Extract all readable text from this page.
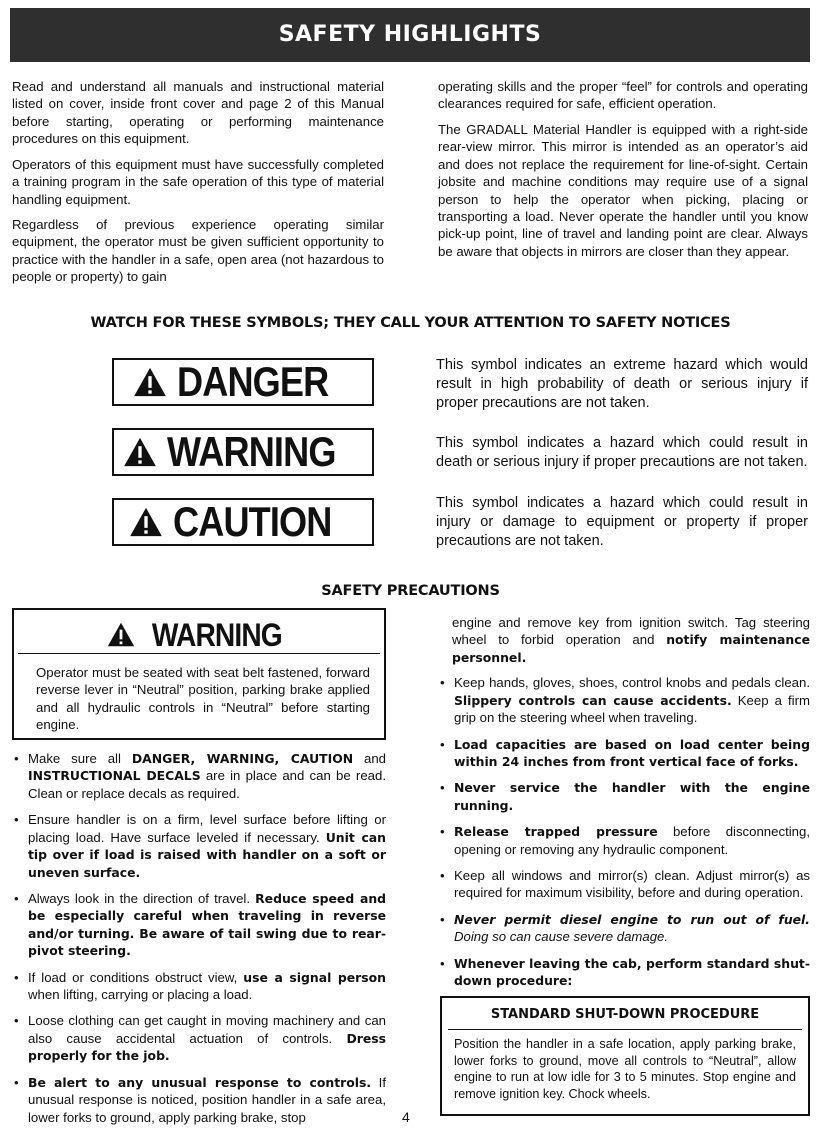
SAFETY HIGHLIGHTS

Read and understand all manuals and instructional material listed on cover, inside front cover and page 2 of this Manual before starting, operating or performing maintenance procedures on this equipment.

Operators of this equipment must have successfully completed a training program in the safe operation of this type of material handling equipment.

Regardless of previous experience operating similar equipment, the operator must be given sufficient opportunity to practice with the handler in a safe, open area (not hazardous to people or property) to gain

operating skills and the proper “feel” for controls and operating clearances required for safe, efficient operation.

The GRADALL Material Handler is equipped with a right-side rear-view mirror. This mirror is intended as an operator’s aid and does not replace the requirement for line-of-sight. Certain jobsite and machine conditions may require use of a signal person to help the operator when picking, placing or transporting a load. Never operate the handler until you know pick-up point, line of travel and landing point are clear. Always be aware that objects in mirrors are closer than they appear.

WATCH FOR THESE SYMBOLS; THEY CALL YOUR ATTENTION TO SAFETY NOTICES
DANGER	This symbol indicates an extreme hazard which would result in high probability of death or serious injury if proper precautions are not taken.
WARNING	This symbol indicates a hazard which could result in death or serious injury if proper precautions are not taken.
CAUTION	This symbol indicates a hazard which could result in injury or damage to equipment or property if proper precautions are not taken.
SAFETY PRECAUTIONS
WARNING
Operator must be seated with seat belt fastened, forward reverse lever in “Neutral” position, parking brake applied and all hydraulic controls in “Neutral” before starting engine.
• Make sure all DANGER, WARNING, CAUTION and INSTRUCTIONAL DECALS are in place and can be read. Clean or replace decals as required.
• Ensure handler is on a firm, level surface before lifting or placing load. Have surface leveled if necessary. Unit can tip over if load is raised with handler on a soft or uneven surface.
• Always look in the direction of travel. Reduce speed and be especially careful when traveling in reverse and/or turning. Be aware of tail swing due to rear-pivot steering.
• If load or conditions obstruct view, use a signal person when lifting, carrying or placing a load.
• Loose clothing can get caught in moving machinery and can also cause accidental actuation of controls. Dress properly for the job.
• Be alert to any unusual response to controls. If unusual response is noticed, position handler in a safe area, lower forks to ground, apply parking brake, stop

engine and remove key from ignition switch. Tag steering wheel to forbid operation and notify maintenance personnel.

• Keep hands, gloves, shoes, control knobs and pedals clean. Slippery controls can cause accidents. Keep a firm grip on the steering wheel when traveling.
• Load capacities are based on load center being within 24 inches from front vertical face of forks.
• Never service the handler with the engine running.
• Release trapped pressure before disconnecting, opening or removing any hydraulic component.
• Keep all windows and mirror(s) clean. Adjust mirror(s) as required for maximum visibility, before and during operation.
• Never permit diesel engine to run out of fuel. Doing so can cause severe damage.
• Whenever leaving the cab, perform standard shut-down procedure:
STANDARD SHUT-DOWN PROCEDURE
Position the handler in a safe location, apply parking brake, lower forks to ground, move all controls to “Neutral”, allow engine to run at low idle for 3 to 5 minutes. Stop engine and remove ignition key. Chock wheels.
4
